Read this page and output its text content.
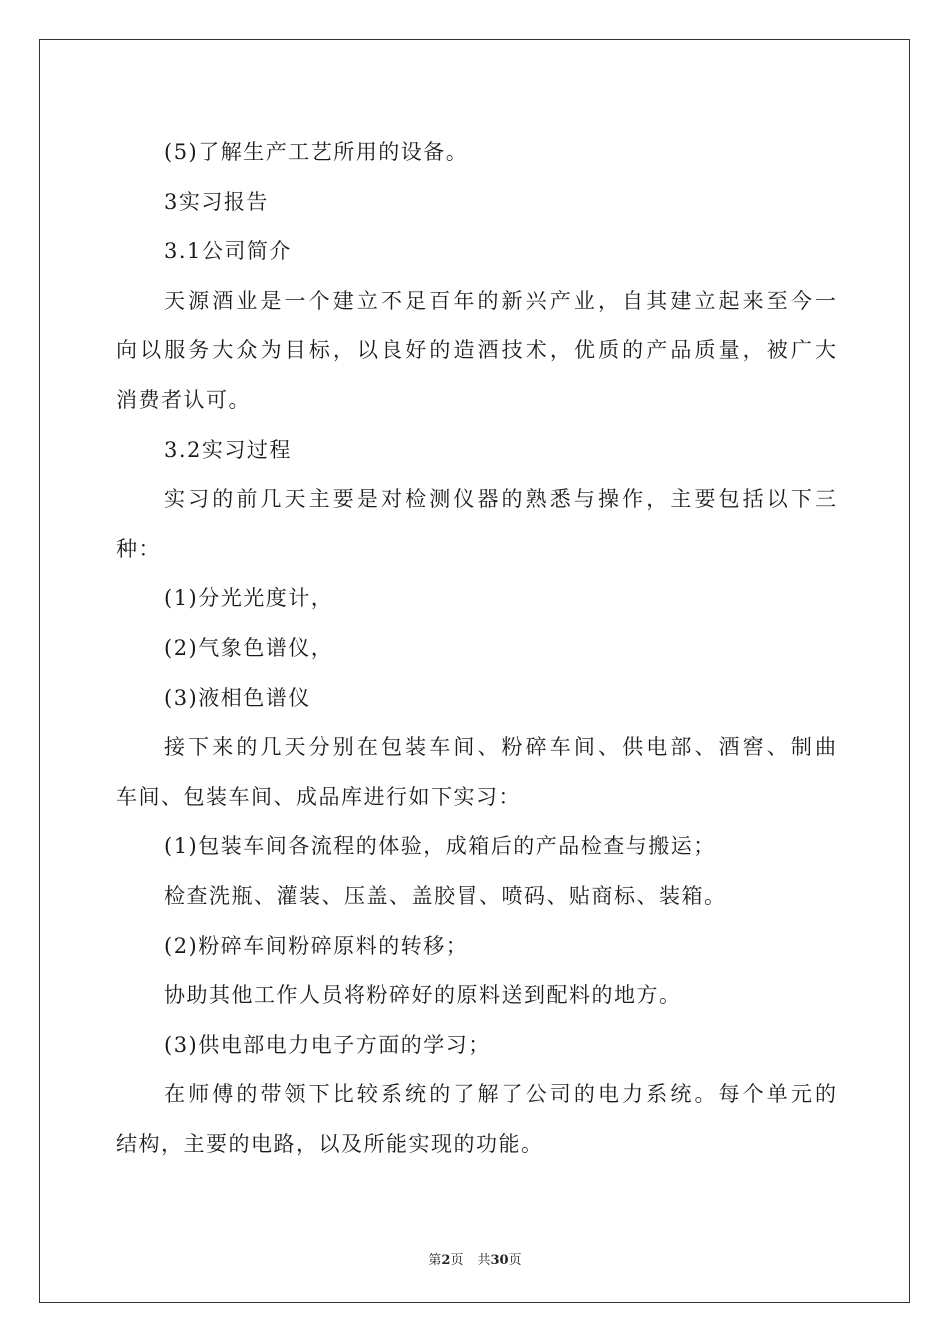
(5)了解生产工艺所用的设备。
3实习报告
3.1公司简介
天源酒业是一个建立不足百年的新兴产业，自其建立起来至今一
向以服务大众为目标，以良好的造酒技术，优质的产品质量，被广大
消费者认可。
3.2实习过程
实习的前几天主要是对检测仪器的熟悉与操作，主要包括以下三
种：
(1)分光光度计，
(2)气象色谱仪，
(3)液相色谱仪
接下来的几天分别在包装车间、粉碎车间、供电部、酒窖、制曲
车间、包装车间、成品库进行如下实习：
(1)包装车间各流程的体验，成箱后的产品检查与搬运；
检查洗瓶、灌装、压盖、盖胶冒、喷码、贴商标、装箱。
(2)粉碎车间粉碎原料的转移；
协助其他工作人员将粉碎好的原料送到配料的地方。
(3)供电部电力电子方面的学习；
在师傅的带领下比较系统的了解了公司的电力系统。每个单元的
结构，主要的电路，以及所能实现的功能。
第2页 共30页
